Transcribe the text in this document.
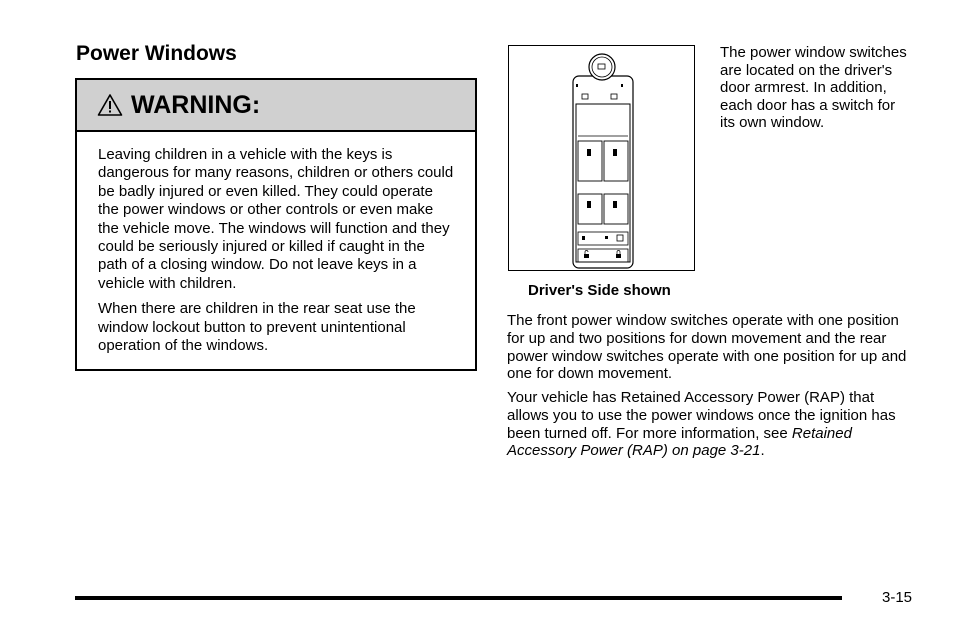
Power Windows
WARNING:

Leaving children in a vehicle with the keys is dangerous for many reasons, children or others could be badly injured or even killed. They could operate the power windows or other controls or even make the vehicle move. The windows will function and they could be seriously injured or killed if caught in the path of a closing window. Do not leave keys in a vehicle with children.

When there are children in the rear seat use the window lockout button to prevent unintentional operation of the windows.

Driver's Side shown
The power window switches are located on the driver's door armrest. In addition, each door has a switch for its own window.

The front power window switches operate with one position for up and two positions for down movement and the rear power window switches operate with one position for up and one for down movement.

Your vehicle has Retained Accessory Power (RAP) that allows you to use the power windows once the ignition has been turned off. For more information, see Retained Accessory Power (RAP) on page 3-21.

3-15
